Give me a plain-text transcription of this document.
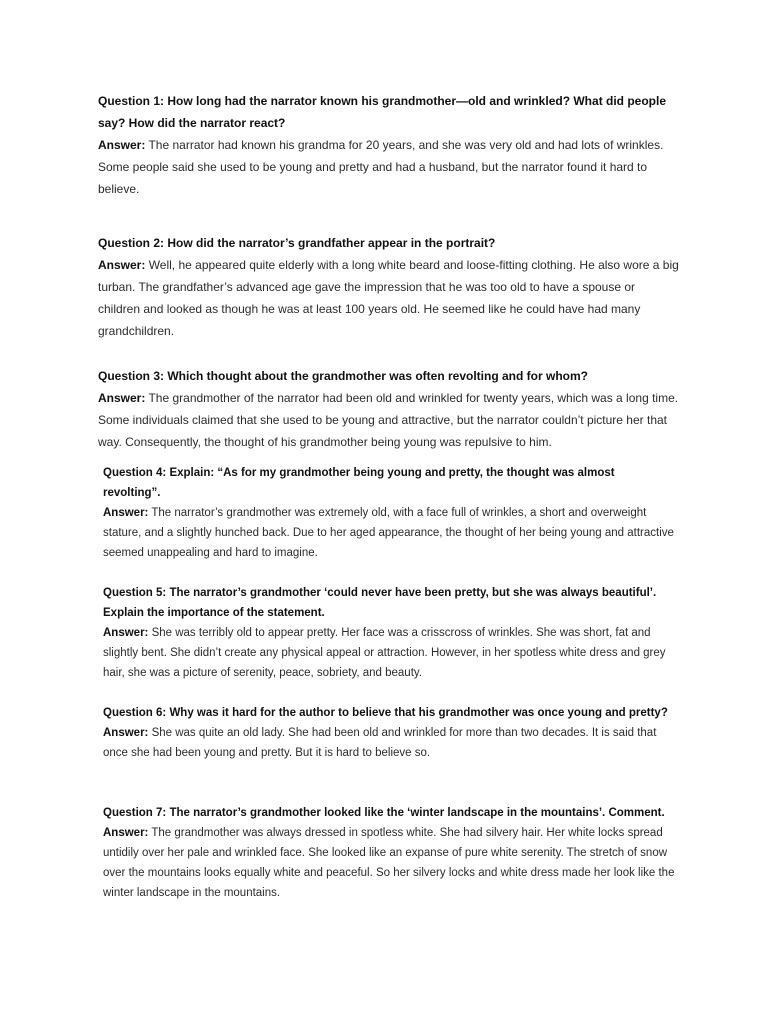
Question 1: How long had the narrator known his grandmother—old and wrinkled? What did people say? How did the narrator react?
Answer: The narrator had known his grandma for 20 years, and she was very old and had lots of wrinkles. Some people said she used to be young and pretty and had a husband, but the narrator found it hard to believe.
Question 2: How did the narrator’s grandfather appear in the portrait?
Answer: Well, he appeared quite elderly with a long white beard and loose-fitting clothing. He also wore a big turban. The grandfather’s advanced age gave the impression that he was too old to have a spouse or children and looked as though he was at least 100 years old. He seemed like he could have had many grandchildren.
Question 3: Which thought about the grandmother was often revolting and for whom?
Answer: The grandmother of the narrator had been old and wrinkled for twenty years, which was a long time. Some individuals claimed that she used to be young and attractive, but the narrator couldn’t picture her that way. Consequently, the thought of his grandmother being young was repulsive to him.
Question 4: Explain: “As for my grandmother being young and pretty, the thought was almost revolting”.
Answer: The narrator’s grandmother was extremely old, with a face full of wrinkles, a short and overweight stature, and a slightly hunched back. Due to her aged appearance, the thought of her being young and attractive seemed unappealing and hard to imagine.
Question 5: The narrator’s grandmother ‘could never have been pretty, but she was always beautiful’. Explain the importance of the statement.
Answer: She was terribly old to appear pretty. Her face was a crisscross of wrinkles. She was short, fat and slightly bent. She didn’t create any physical appeal or attraction. However, in her spotless white dress and grey hair, she was a picture of serenity, peace, sobriety, and beauty.
Question 6: Why was it hard for the author to believe that his grandmother was once young and pretty?
Answer: She was quite an old lady. She had been old and wrinkled for more than two decades. It is said that once she had been young and pretty. But it is hard to believe so.
Question 7: The narrator’s grandmother looked like the ‘winter landscape in the mountains’. Comment.
Answer: The grandmother was always dressed in spotless white. She had silvery hair. Her white locks spread untidily over her pale and wrinkled face. She looked like an expanse of pure white serenity. The stretch of snow over the mountains looks equally white and peaceful. So her silvery locks and white dress made her look like the winter landscape in the mountains.
